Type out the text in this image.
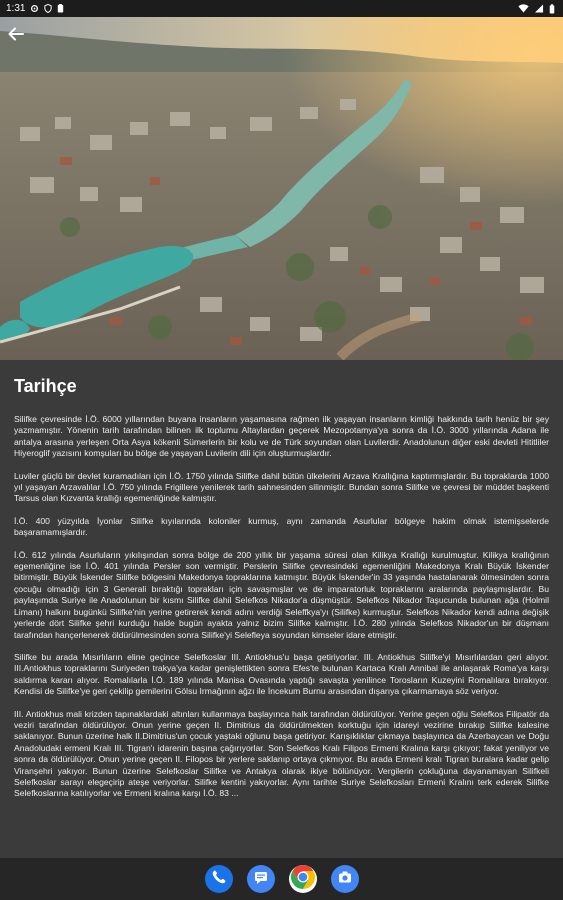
1:31
Tarihçe

Silifke çevresinde İ.Ö. 6000 yıllarından buyana insanların yaşamasına rağmen ilk yaşayan insanların kimliği hakkında tarih henüz bir şey yazmamıştır. Yönenin tarih tarafından bilinen ilk toplumu Altaylardan geçerek Mezopotamya'ya sonra da İ.Ö. 3000 yıllarında Adana ile antalya arasına yerleşen Orta Asya kökenli Sümerlerin bir kolu ve de Türk soyundan olan Luvilerdir. Anadolunun diğer eski devleti Hititliler Hiyeroglif yazısını komşuları bu bölge de yaşayan Luvilerin dili için oluşturmuşlardır.

Luviler güçlü bir devlet kuramadıları için İ.Ö. 1750 yılında Silifke dahil bütün ülkelerini Arzava Krallığına kaptırmışlardır. Bu topraklarda 1000 yıl yaşayan Arzavalılar İ.Ö. 750 yılında Frigillere yenilerek tarih sahnesinden silinmiştir. Bundan sonra Silifke ve çevresi bir müddet başkenti Tarsus olan Kızvanta krallığı egemenliğinde kalmıştır.

İ.Ö. 400 yüzyılda İyonlar Silifke kıyılarında koloniler kurmuş, aynı zamanda Asurlular bölgeye hakim olmak istemişselerde başaramamışlardır.

İ.Ö. 612 yılında Asurluların yıkılışından sonra bölge de 200 yıllık bir yaşama süresi olan Kilikya Krallığı kurulmuştur. Kilikya krallığının egemenliğine ise İ.Ö. 401 yılında Persler son vermiştir. Perslerin Silifke çevresindeki egemenliğini Makedonya Kralı Büyük İskender bitirmiştir. Büyük İskender Silifke bölgesini Makedonya topraklarına katmıştır. Büyük İskender'in 33 yaşında hastalanarak ölmesinden sonra çocuğu olmadığı için 3 Generali bıraktığı toprakları için savaşmışlar ve de imparatorluk topraklarını aralarında paylaşmışlardır. Bu paylaşımda Suriye ile Anadolunun bir kısmı Silifke dahil Selefkos Nikador'a düşmüştür. Selefkos Nikador Taşucunda bulunan ağa (Holmil Limanı) halkını bugünkü Silifke'nin yerine getirerek kendi adını verdiği Seleffkya'yı (Silifke) kurmuştur. Selefkos Nikador kendi adına değişik yerlerde dört Silifke şehri kurduğu halde bugün ayakta yalnız bizim Silifke kalmıştır. İ.Ö. 280 yılında Selefkos Nikador'un bir düşmanı tarafından hançerlenerek öldürülmesinden sonra Silifke'yi Selefleya soyundan kimseler idare etmiştir.

Silifke bu arada Mısırlıların eline geçince Selefkoslar III. Antiokhus'u başa getiriyorlar. III. Antiokhus Silifke'yi Mısırlılardan geri alıyor. III.Antiokhus topraklarını Suriyeden trakya'ya kadar genişlettikten sonra Efes'te bulunan Kartaca Kralı Annibal ile anlaşarak Roma'ya karşı saldırma kararı alıyor. Romalılarla İ.Ö. 189 yılında Manisa Ovasında yaptığı savaşta yenilince Torosların Kuzeyini Romalılara bırakıyor. Kendisi de Silifke'ye geri çekilip gemilerini Gölsu Irmağının ağzı ile İncekum Burnu arasından dışarıya çıkarmamaya söz veriyor.

III. Antiokhus mali krizden tapınaklardaki altınları kullanmaya başlayınca halk tarafından öldürülüyor. Yerine geçen oğlu Selefkos Filipatör da veziri tarafından öldürülüyor. Onun yerine geçen II. Dimitrius da öldürülmekten korktuğu için idareyi vezirine bırakıp Silifke kalesine saklanıyor. Bunun üzerine halk II.Dimitrius'un çocuk yaştaki oğlunu başa getiriyor. Karışıklıklar çıkmaya başlayınca da Azerbaycan ve Doğu Anadoludaki ermeni Kralı III. Tigran'ı idarenin başına çağırıyorlar. Son Selefkos Kralı Filipos Ermeni Kralına karşı çıkıyor; fakat yeniliyor ve sonra da öldürülüyor. Onun yerine geçen II. Filopos bir yerlere saklanıp ortaya çıkmıyor. Bu arada Ermeni kralı Tigran buralara kadar gelip Viranşehri yakıyor. Bunun üzerine Selefkoslar Silifke ve Antakya olarak ikiye bölünüyor. Vergilerin çokluğuna dayanamayan Silifkeli Selefkoslar sarayı elegeçirip ateşe veriyorlar. Silifke kentini yakıyorlar. Aynı tarihte Suriye Selefkosları Ermeni Kralını terk ederek Silifke Selefkoslarına katılıyorlar ve Ermeni kralına karşı İ.Ö. 83 ...
